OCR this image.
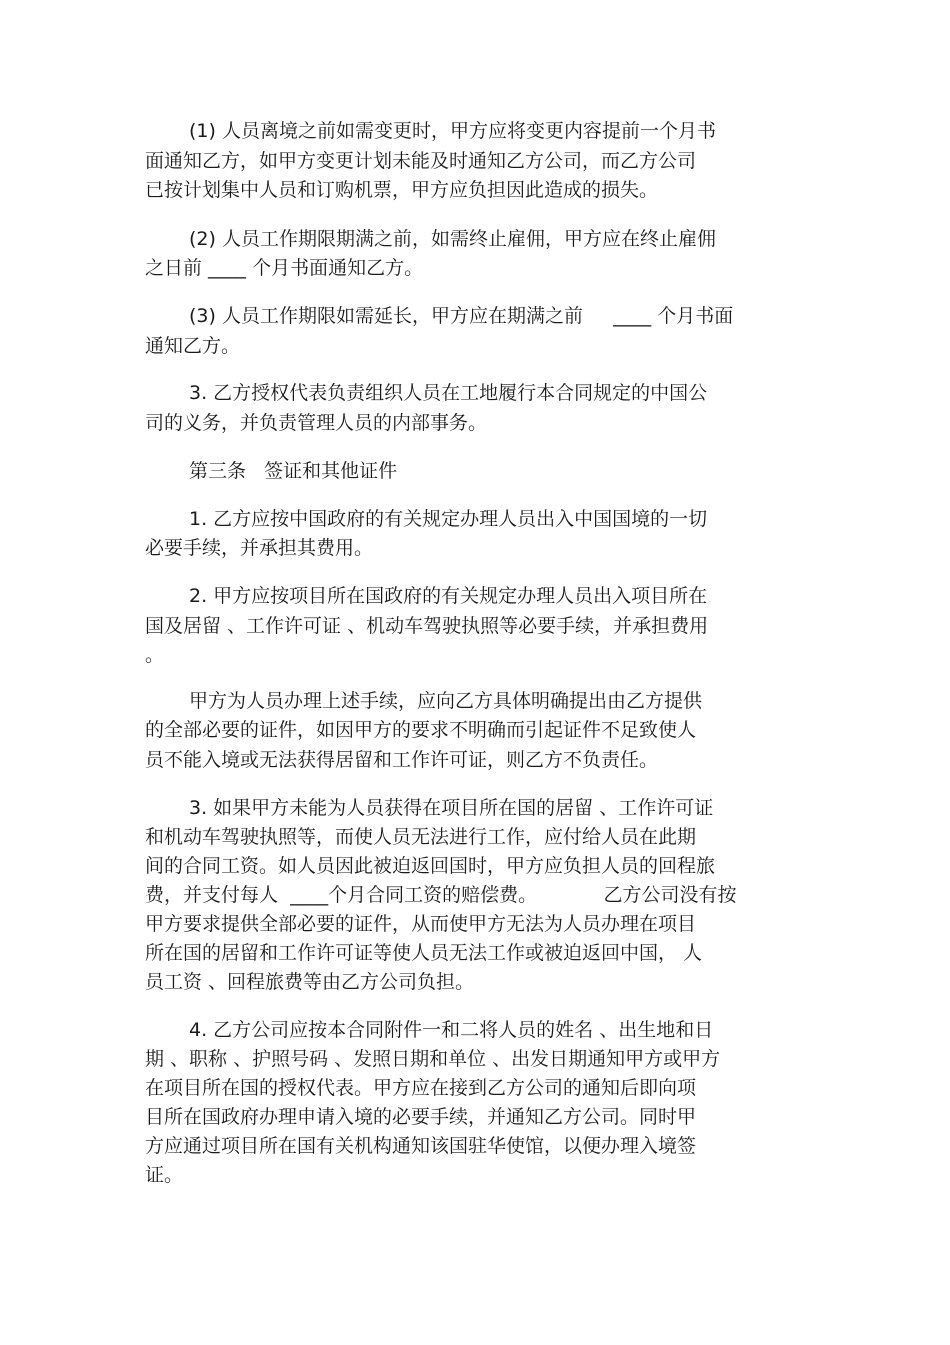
(1) 人员离境之前如需变更时，甲方应将变更内容提前一个月书
面通知乙方，如甲方变更计划未能及时通知乙方公司，而乙方公司
已按计划集中人员和订购机票，甲方应负担因此造成的损失。
(2) 人员工作期限期满之前，如需终止雇佣，甲方应在终止雇佣
之日前 ____ 个月书面通知乙方。
(3) 人员工作期限如需延长，甲方应在期满之前     ____ 个月书面
通知乙方。
3. 乙方授权代表负责组织人员在工地履行本合同规定的中国公
司的义务，并负责管理人员的内部事务。
第三条   签证和其他证件
1. 乙方应按中国政府的有关规定办理人员出入中国国境的一切
必要手续，并承担其费用。
2. 甲方应按项目所在国政府的有关规定办理人员出入项目所在
国及居留 、工作许可证 、机动车驾驶执照等必要手续，并承担费用
。
甲方为人员办理上述手续，应向乙方具体明确提出由乙方提供
的全部必要的证件，如因甲方的要求不明确而引起证件不足致使人
员不能入境或无法获得居留和工作许可证，则乙方不负责任。
3. 如果甲方未能为人员获得在项目所在国的居留 、工作许可证
和机动车驾驶执照等，而使人员无法进行工作，应付给人员在此期
间的合同工资。如人员因此被迫返回国时，甲方应负担人员的回程旅
费，并支付每人  ____个月合同工资的赔偿费。           乙方公司没有按
甲方要求提供全部必要的证件，从而使甲方无法为人员办理在项目
所在国的居留和工作许可证等使人员无法工作或被迫返回中国， 人
员工资 、回程旅费等由乙方公司负担。
4. 乙方公司应按本合同附件一和二将人员的姓名 、出生地和日
期 、职称 、护照号码 、发照日期和单位 、出发日期通知甲方或甲方
在项目所在国的授权代表。甲方应在接到乙方公司的通知后即向项
目所在国政府办理申请入境的必要手续，并通知乙方公司。同时甲
方应通过项目所在国有关机构通知该国驻华使馆，以便办理入境签
证。
